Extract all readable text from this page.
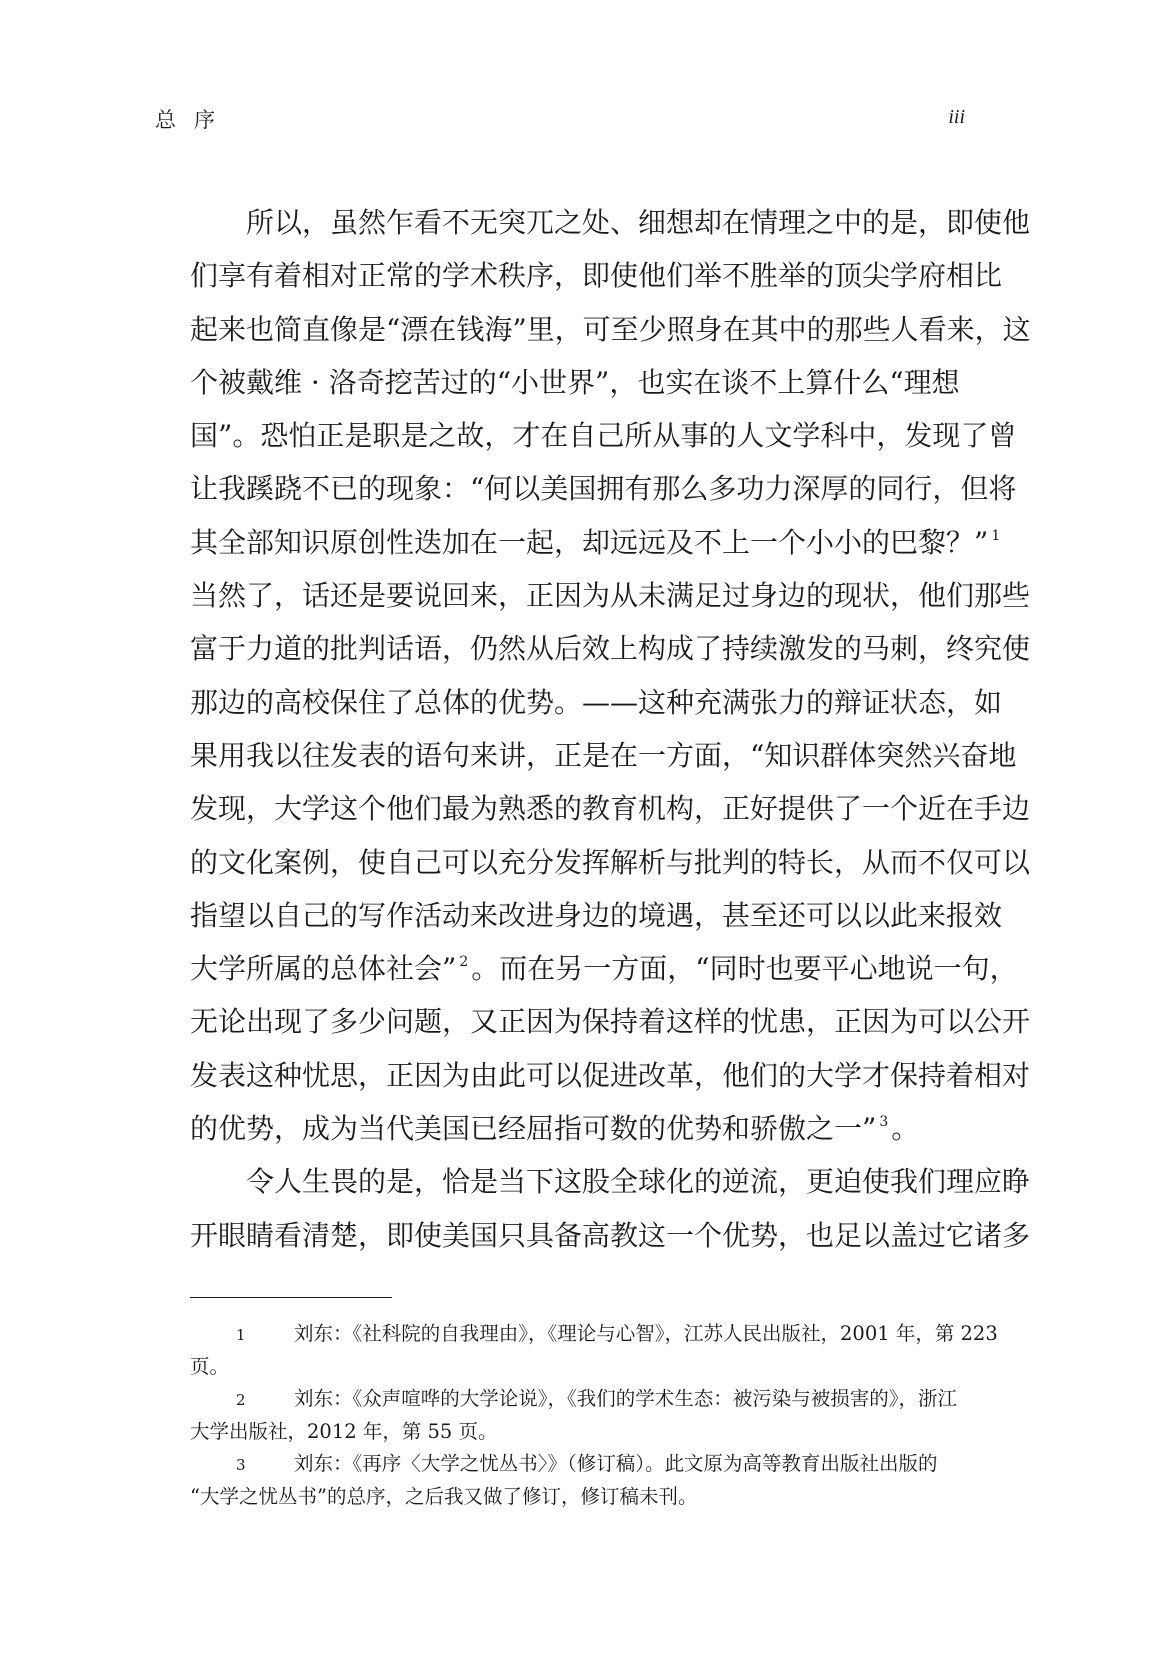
总序	iii
所以，虽然乍看不无突兀之处、细想却在情理之中的是，即使他
们享有着相对正常的学术秩序，即使他们举不胜举的顶尖学府相比
起来也简直像是“漂在钱海”里，可至少照身在其中的那些人看来，这
个被戴维 · 洛奇挖苦过的“小世界”，也实在谈不上算什么“理想
国”。恐怕正是职是之故，才在自己所从事的人文学科中，发现了曾
让我蹊跷不已的现象：“何以美国拥有那么多功力深厚的同行，但将
其全部知识原创性迭加在一起，却远远及不上一个小小的巴黎？” $^1$
当然了，话还是要说回来，正因为从未满足过身边的现状，他们那些
富于力道的批判话语，仍然从后效上构成了持续激发的马刺，终究使
那边的高校保住了总体的优势。——这种充满张力的辩证状态，如
果用我以往发表的语句来讲，正是在一方面，“知识群体突然兴奋地
发现，大学这个他们最为熟悉的教育机构，正好提供了一个近在手边
的文化案例，使自己可以充分发挥解析与批判的特长，从而不仅可以
指望以自己的写作活动来改进身边的境遇，甚至还可以以此来报效
大学所属的总体社会” $^2$ 。而在另一方面，“同时也要平心地说一句，
无论出现了多少问题，又正因为保持着这样的忧患，正因为可以公开
发表这种忧思，正因为由此可以促进改革，他们的大学才保持着相对
的优势，成为当代美国已经屈指可数的优势和骄傲之一” $^3$ 。
令人生畏的是，恰是当下这股全球化的逆流，更迫使我们理应睁
开眼睛看清楚，即使美国只具备高教这一个优势，也足以盖过它诸多
1 刘东：《社科院的自我理由》，《理论与心智》，江苏人民出版社，2001 年，第 223
页。
2 刘东：《众声喧哗的大学论说》，《我们的学术生态：被污染与被损害的》，浙江
大学出版社，2012 年，第 55 页。
3 刘东：《再序〈大学之忧丛书〉》（修订稿）。此文原为高等教育出版社出版的
“大学之忧丛书”的总序，之后我又做了修订，修订稿未刊。
